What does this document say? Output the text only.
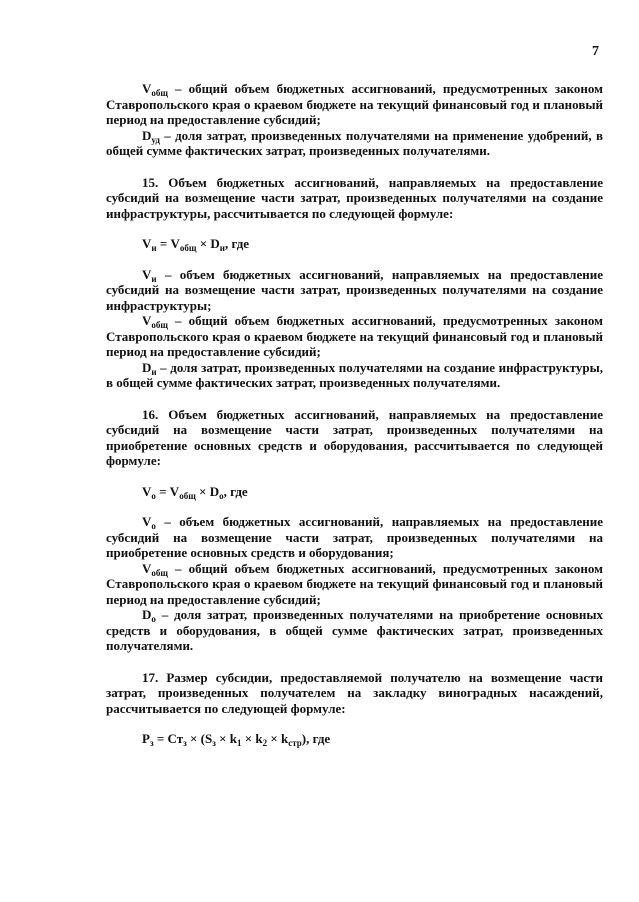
7

$V_{общ}$ – общий объем бюджетных ассигнований, предусмотренных законом Ставропольского края о краевом бюджете на текущий финансовый год и плановый период на предоставление субсидий;

$D_{уд}$ – доля затрат, произведенных получателями на применение удобрений, в общей сумме фактических затрат, произведенных получателями.

15. Объем бюджетных ассигнований, направляемых на предоставление субсидий на возмещение части затрат, произведенных получателями на создание инфраструктуры, рассчитывается по следующей формуле:

$V_и = V_{общ} \times D_и$, где

$V_и$ – объем бюджетных ассигнований, направляемых на предоставление субсидий на возмещение части затрат, произведенных получателями на создание инфраструктуры;

$V_{общ}$ – общий объем бюджетных ассигнований, предусмотренных законом Ставропольского края о краевом бюджете на текущий финансовый год и плановый период на предоставление субсидий;

$D_и$ – доля затрат, произведенных получателями на создание инфраструктуры, в общей сумме фактических затрат, произведенных получателями.

16. Объем бюджетных ассигнований, направляемых на предоставление субсидий на возмещение части затрат, произведенных получателями на приобретение основных средств и оборудования, рассчитывается по следующей формуле:

$V_о = V_{общ} \times D_о$, где

$V_о$ – объем бюджетных ассигнований, направляемых на предоставление субсидий на возмещение части затрат, произведенных получателями на приобретение основных средств и оборудования;

$V_{общ}$ – общий объем бюджетных ассигнований, предусмотренных законом Ставропольского края о краевом бюджете на текущий финансовый год и плановый период на предоставление субсидий;

$D_о$ – доля затрат, произведенных получателями на приобретение основных средств и оборудования, в общей сумме фактических затрат, произведенных получателями.

17. Размер субсидии, предоставляемой получателю на возмещение части затрат, произведенных получателем на закладку виноградных насаждений, рассчитывается по следующей формуле:

$Р_з = Ст_з \times (S_з \times k_1 \times k_2 \times k_{стр})$, где
